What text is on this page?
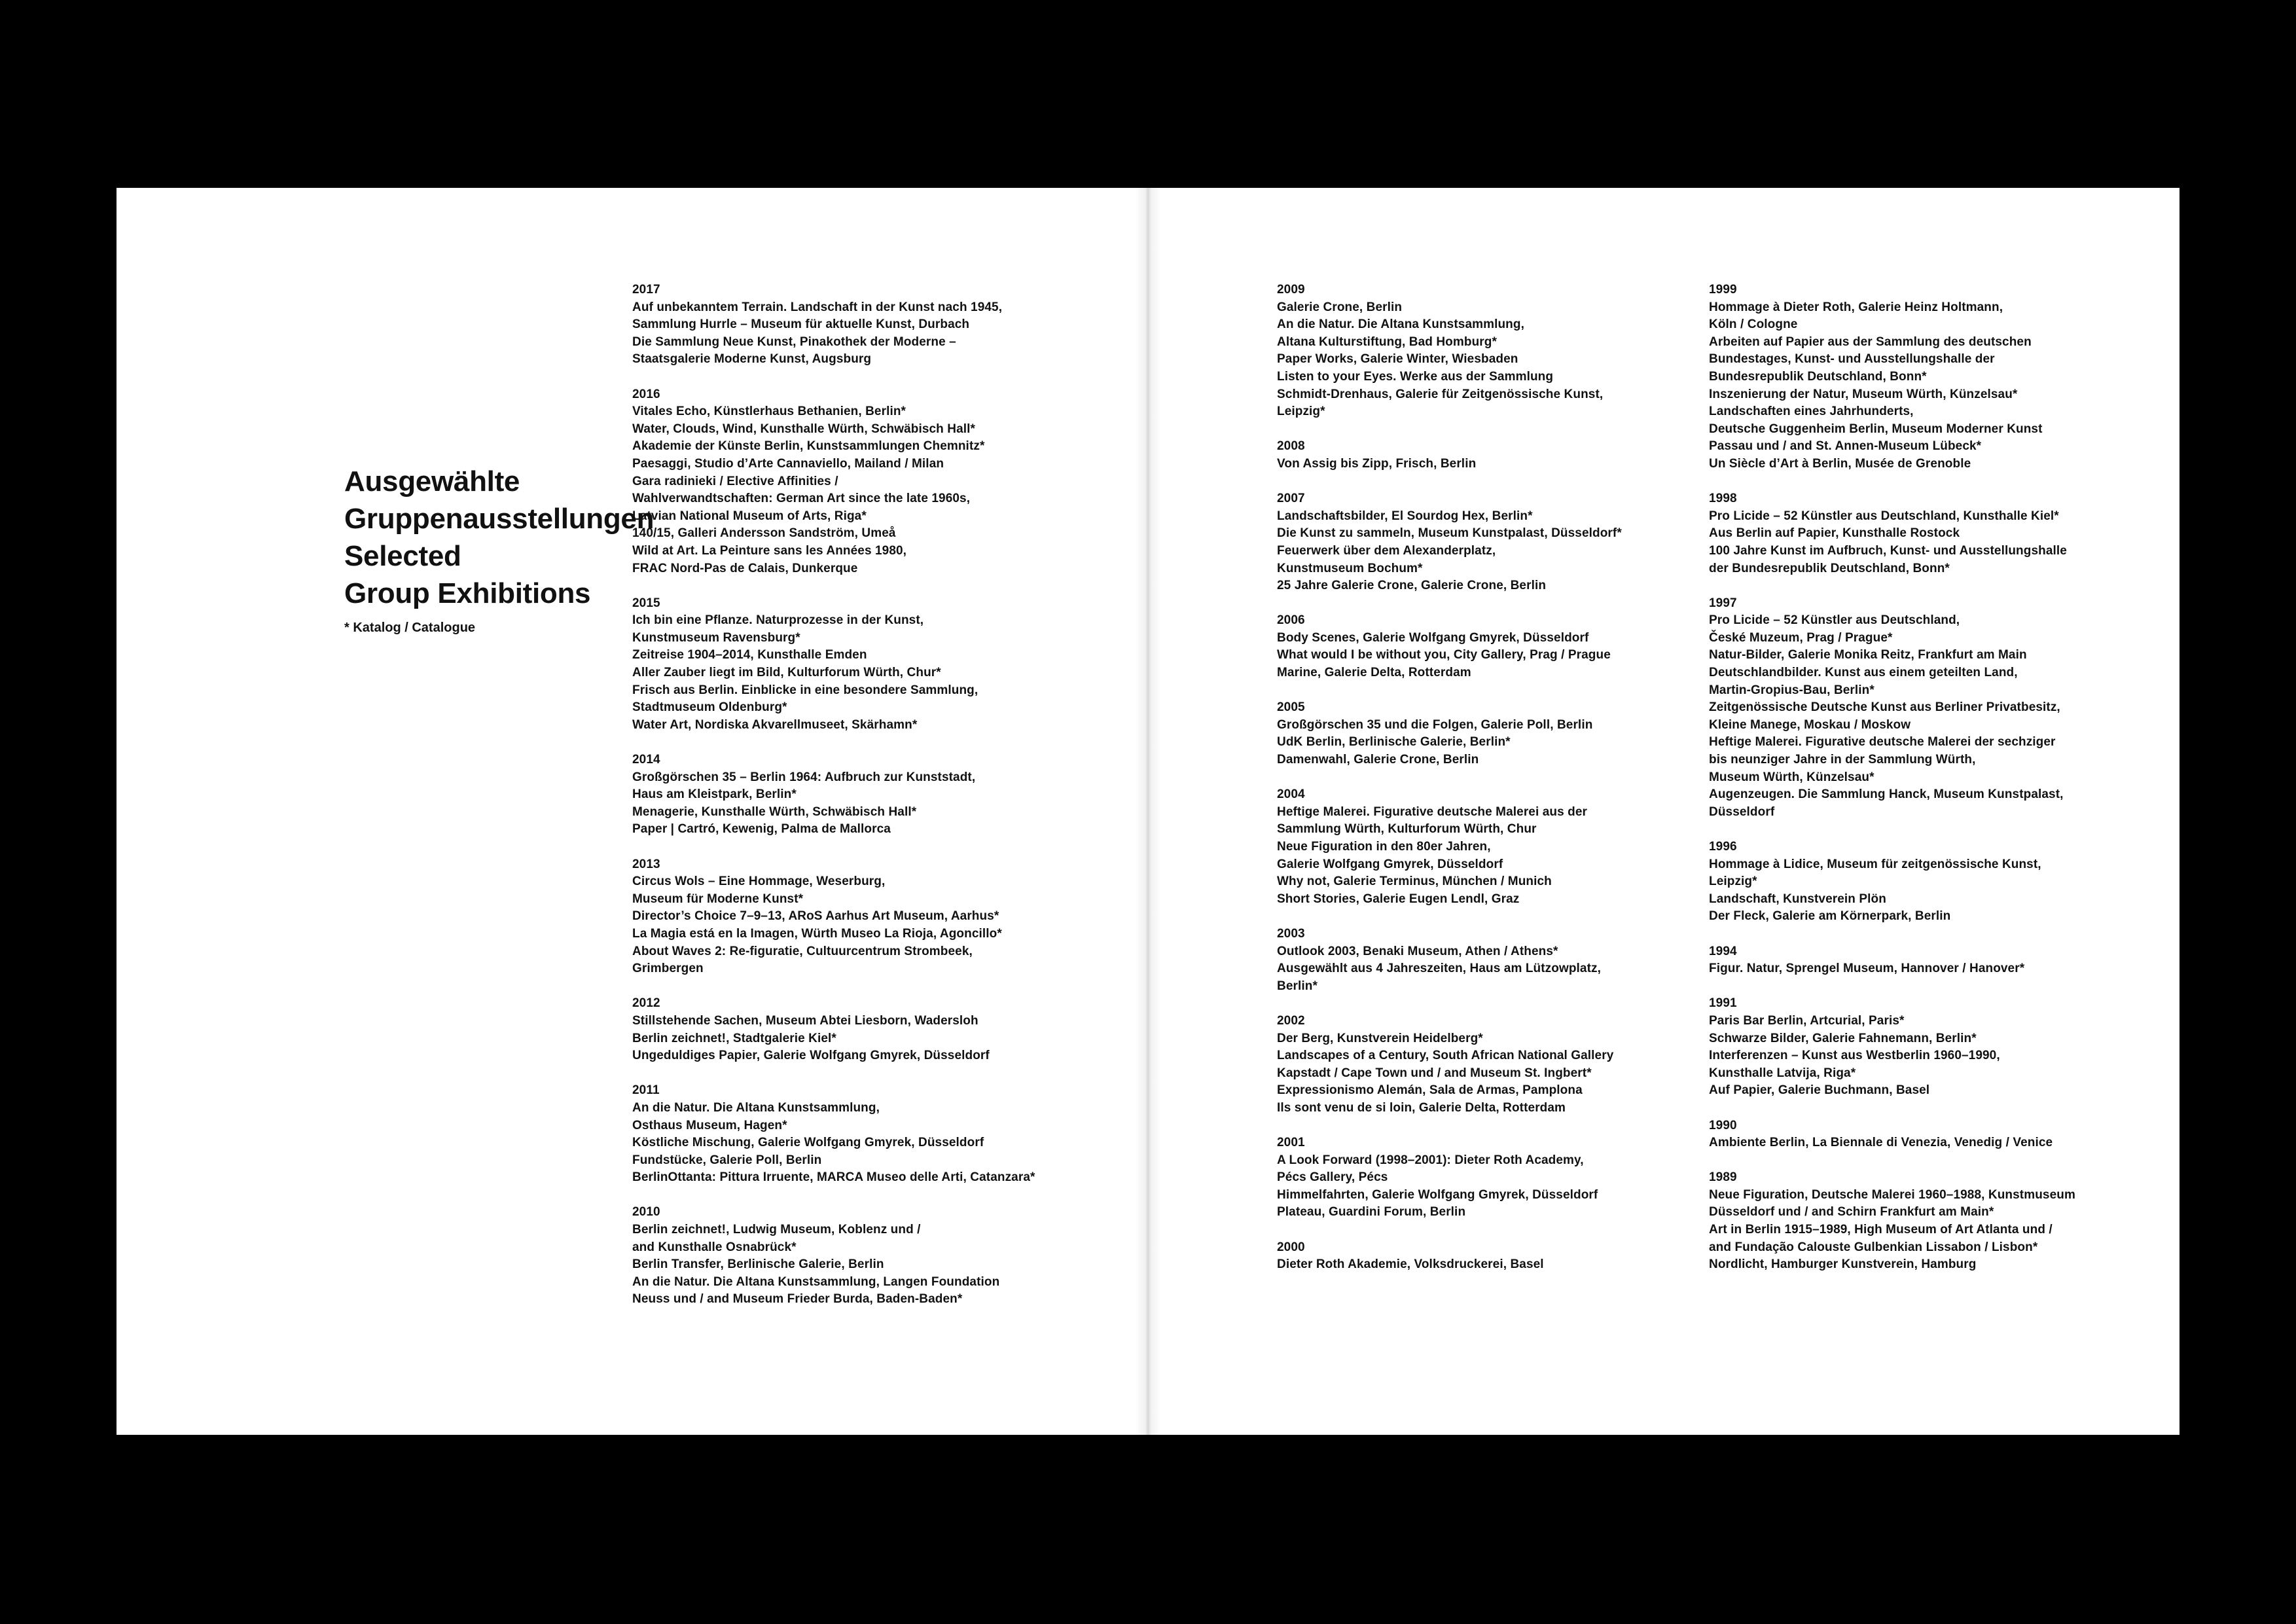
Ausgewählte
Gruppenausstellungen
Selected
Group Exhibitions
* Katalog / Catalogue
2017
Auf unbekanntem Terrain. Landschaft in der Kunst nach 1945,
Sammlung Hurrle – Museum für aktuelle Kunst, Durbach
Die Sammlung Neue Kunst, Pinakothek der Moderne –
Staatsgalerie Moderne Kunst, Augsburg
2016
Vitales Echo, Künstlerhaus Bethanien, Berlin*
Water, Clouds, Wind, Kunsthalle Würth, Schwäbisch Hall*
Akademie der Künste Berlin, Kunstsammlungen Chemnitz*
Paesaggi, Studio d’Arte Cannaviello, Mailand / Milan
Gara radinieki / Elective Affinities /
Wahlverwandtschaften: German Art since the late 1960s,
Latvian National Museum of Arts, Riga*
140/15, Galleri Andersson Sandström, Umeå
Wild at Art. La Peinture sans les Années 1980,
FRAC Nord-Pas de Calais, Dunkerque
2015
Ich bin eine Pflanze. Naturprozesse in der Kunst,
Kunstmuseum Ravensburg*
Zeitreise 1904–2014, Kunsthalle Emden
Aller Zauber liegt im Bild, Kulturforum Würth, Chur*
Frisch aus Berlin. Einblicke in eine besondere Sammlung,
Stadtmuseum Oldenburg*
Water Art, Nordiska Akvarellmuseet, Skärhamn*
2014
Großgörschen 35 – Berlin 1964: Aufbruch zur Kunststadt,
Haus am Kleistpark, Berlin*
Menagerie, Kunsthalle Würth, Schwäbisch Hall*
Paper | Cartró, Kewenig, Palma de Mallorca
2013
Circus Wols – Eine Hommage, Weserburg,
Museum für Moderne Kunst*
Director’s Choice 7–9–13, ARoS Aarhus Art Museum, Aarhus*
La Magia está en la Imagen, Würth Museo La Rioja, Agoncillo*
About Waves 2: Re-figuratie, Cultuurcentrum Strombeek,
Grimbergen
2012
Stillstehende Sachen, Museum Abtei Liesborn, Wadersloh
Berlin zeichnet!, Stadtgalerie Kiel*
Ungeduldiges Papier, Galerie Wolfgang Gmyrek, Düsseldorf
2011
An die Natur. Die Altana Kunstsammlung,
Osthaus Museum, Hagen*
Köstliche Mischung, Galerie Wolfgang Gmyrek, Düsseldorf
Fundstücke, Galerie Poll, Berlin
BerlinOttanta: Pittura Irruente, MARCA Museo delle Arti, Catanzara*
2010
Berlin zeichnet!, Ludwig Museum, Koblenz und /
and Kunsthalle Osnabrück*
Berlin Transfer, Berlinische Galerie, Berlin
An die Natur. Die Altana Kunstsammlung, Langen Foundation
Neuss und / and Museum Frieder Burda, Baden-Baden*
2009
Galerie Crone, Berlin
An die Natur. Die Altana Kunstsammlung,
Altana Kulturstiftung, Bad Homburg*
Paper Works, Galerie Winter, Wiesbaden
Listen to your Eyes. Werke aus der Sammlung
Schmidt-Drenhaus, Galerie für Zeitgenössische Kunst,
Leipzig*
2008
Von Assig bis Zipp, Frisch, Berlin
2007
Landschaftsbilder, El Sourdog Hex, Berlin*
Die Kunst zu sammeln, Museum Kunstpalast, Düsseldorf*
Feuerwerk über dem Alexanderplatz,
Kunstmuseum Bochum*
25 Jahre Galerie Crone, Galerie Crone, Berlin
2006
Body Scenes, Galerie Wolfgang Gmyrek, Düsseldorf
What would I be without you, City Gallery, Prag / Prague
Marine, Galerie Delta, Rotterdam
2005
Großgörschen 35 und die Folgen, Galerie Poll, Berlin
UdK Berlin, Berlinische Galerie, Berlin*
Damenwahl, Galerie Crone, Berlin
2004
Heftige Malerei. Figurative deutsche Malerei aus der
Sammlung Würth, Kulturforum Würth, Chur
Neue Figuration in den 80er Jahren,
Galerie Wolfgang Gmyrek, Düsseldorf
Why not, Galerie Terminus, München / Munich
Short Stories, Galerie Eugen Lendl, Graz
2003
Outlook 2003, Benaki Museum, Athen / Athens*
Ausgewählt aus 4 Jahreszeiten, Haus am Lützowplatz,
Berlin*
2002
Der Berg, Kunstverein Heidelberg*
Landscapes of a Century, South African National Gallery
Kapstadt / Cape Town und / and Museum St. Ingbert*
Expressionismo Alemán, Sala de Armas, Pamplona
Ils sont venu de si loin, Galerie Delta, Rotterdam
2001
A Look Forward (1998–2001): Dieter Roth Academy,
Pécs Gallery, Pécs
Himmelfahrten, Galerie Wolfgang Gmyrek, Düsseldorf
Plateau, Guardini Forum, Berlin
2000
Dieter Roth Akademie, Volksdruckerei, Basel
1999
Hommage à Dieter Roth, Galerie Heinz Holtmann,
Köln / Cologne
Arbeiten auf Papier aus der Sammlung des deutschen
Bundestages, Kunst- und Ausstellungshalle der
Bundesrepublik Deutschland, Bonn*
Inszenierung der Natur, Museum Würth, Künzelsau*
Landschaften eines Jahrhunderts,
Deutsche Guggenheim Berlin, Museum Moderner Kunst
Passau und / and St. Annen-Museum Lübeck*
Un Siècle d’Art à Berlin, Musée de Grenoble
1998
Pro Licide – 52 Künstler aus Deutschland, Kunsthalle Kiel*
Aus Berlin auf Papier, Kunsthalle Rostock
100 Jahre Kunst im Aufbruch, Kunst- und Ausstellungshalle
der Bundesrepublik Deutschland, Bonn*
1997
Pro Licide – 52 Künstler aus Deutschland,
České Muzeum, Prag / Prague*
Natur-Bilder, Galerie Monika Reitz, Frankfurt am Main
Deutschlandbilder. Kunst aus einem geteilten Land,
Martin-Gropius-Bau, Berlin*
Zeitgenössische Deutsche Kunst aus Berliner Privatbesitz,
Kleine Manege, Moskau / Moskow
Heftige Malerei. Figurative deutsche Malerei der sechziger
bis neunziger Jahre in der Sammlung Würth,
Museum Würth, Künzelsau*
Augenzeugen. Die Sammlung Hanck, Museum Kunstpalast,
Düsseldorf
1996
Hommage à Lidice, Museum für zeitgenössische Kunst,
Leipzig*
Landschaft, Kunstverein Plön
Der Fleck, Galerie am Körnerpark, Berlin
1994
Figur. Natur, Sprengel Museum, Hannover / Hanover*
1991
Paris Bar Berlin, Artcurial, Paris*
Schwarze Bilder, Galerie Fahnemann, Berlin*
Interferenzen – Kunst aus Westberlin 1960–1990,
Kunsthalle Latvija, Riga*
Auf Papier, Galerie Buchmann, Basel
1990
Ambiente Berlin, La Biennale di Venezia, Venedig / Venice
1989
Neue Figuration, Deutsche Malerei 1960–1988, Kunstmuseum
Düsseldorf und / and Schirn Frankfurt am Main*
Art in Berlin 1915–1989, High Museum of Art Atlanta und /
and Fundação Calouste Gulbenkian Lissabon / Lisbon*
Nordlicht, Hamburger Kunstverein, Hamburg
